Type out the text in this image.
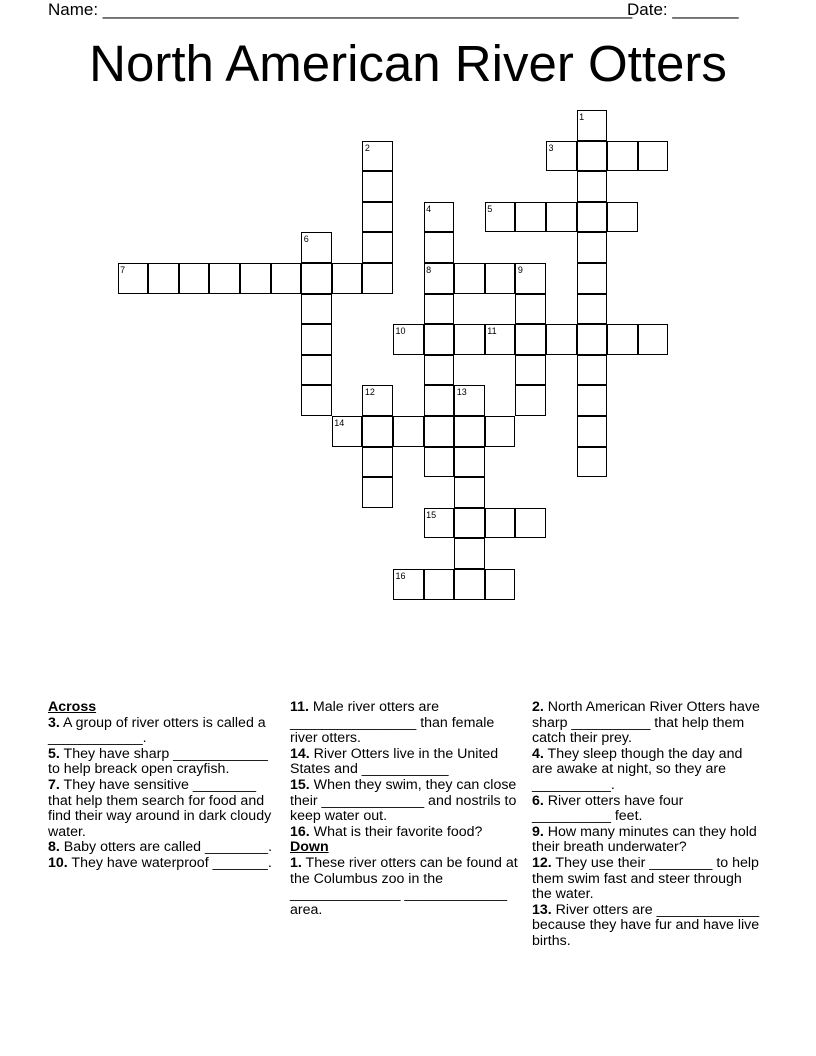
Name: ________________________________________________________
Date: _______
North American River Otters
1
2	3
4	5
6
7	8	9
10	11
12	13
14
15
16
Across
3. A group of river otters is called a ____________.
5. They have sharp ____________ to help breack open crayfish.
7. They have sensitive ________ that help them search for food and find their way around in dark cloudy water.
8. Baby otters are called ________.
10. They have waterproof _______.
11. Male river otters are ________________ than female river otters.
14. River Otters live in the United States and ___________
15. When they swim, they can close their _____________ and nostrils to keep water out.
16. What is their favorite food?
Down
1. These river otters can be found at the Columbus zoo in the ______________ _____________ area.
2. North American River Otters have sharp __________ that help them catch their prey.
4. They sleep though the day and are awake at night, so they are __________.
6. River otters have four __________ feet.
9. How many minutes can they hold their breath underwater?
12. They use their ________ to help them swim fast and steer through the water.
13. River otters are _____________ because they have fur and have live births.
